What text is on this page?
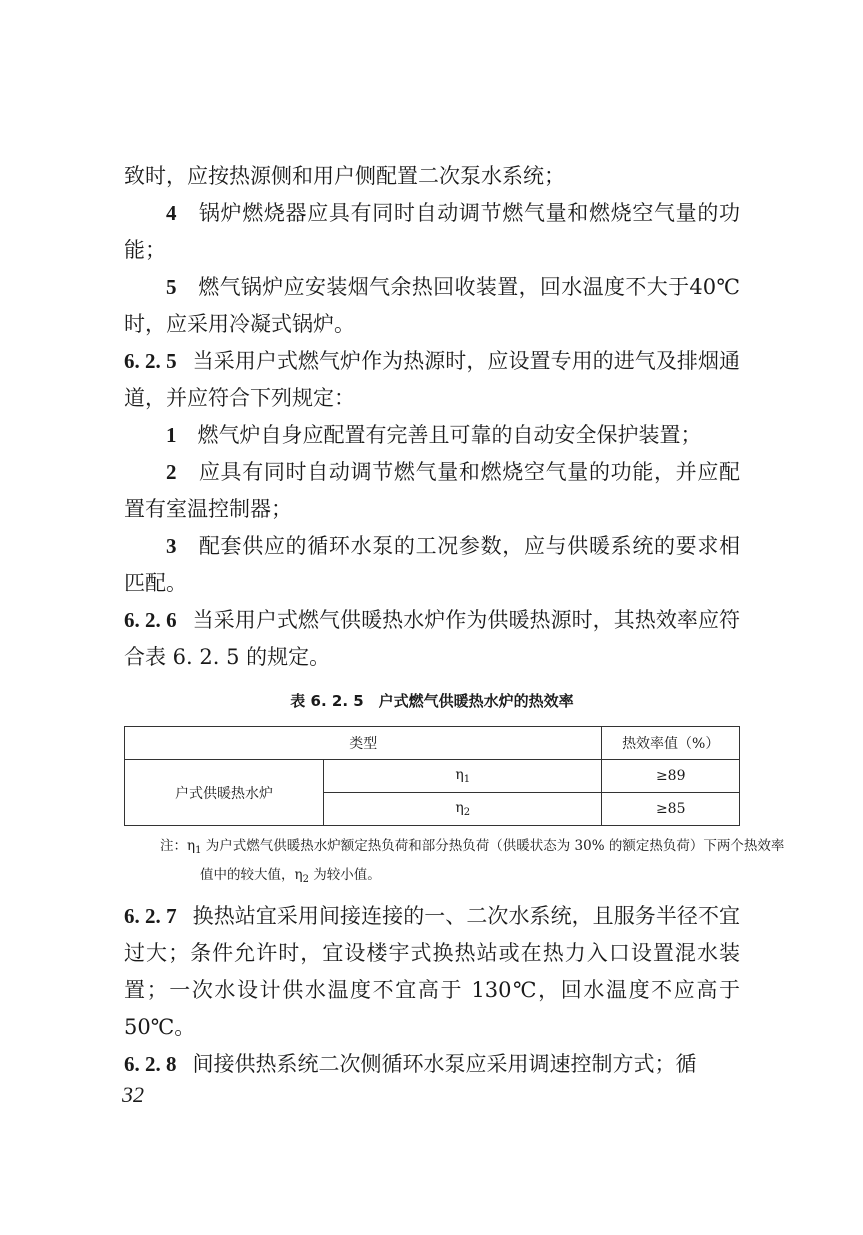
致时，应按热源侧和用户侧配置二次泵水系统；

4　 锅炉燃烧器应具有同时自动调节燃气量和燃烧空气量的功能；

5　 燃气锅炉应安装烟气余热回收装置，回水温度不大于40℃时，应采用冷凝式锅炉。

6. 2. 5 当采用户式燃气炉作为热源时，应设置专用的进气及排烟通道，并应符合下列规定：

1　 燃气炉自身应配置有完善且可靠的自动安全保护装置；

2　 应具有同时自动调节燃气量和燃烧空气量的功能，并应配置有室温控制器；

3　 配套供应的循环水泵的工况参数，应与供暖系统的要求相匹配。

6. 2. 6 当采用户式燃气供暖热水炉作为供暖热源时，其热效率应符合表 6. 2. 5 的规定。

表 6. 2. 5　户式燃气供暖热水炉的热效率
类型		热效率值（%）
户式供暖热水炉	$\eta_1$	≥89
	$\eta_2$	≥85

注：$\eta_1$ 为户式燃气供暖热水炉额定热负荷和部分热负荷（供暖状态为 30% 的额定热负荷）下两个热效率值中的较大值，$\eta_2$ 为较小值。

6. 2. 7 换热站宜采用间接连接的一、二次水系统，且服务半径不宜过大；条件允许时，宜设楼宇式换热站或在热力入口设置混水装置；一次水设计供水温度不宜高于 130℃，回水温度不应高于 50℃。

6. 2. 8 间接供热系统二次侧循环水泵应采用调速控制方式；循

32
